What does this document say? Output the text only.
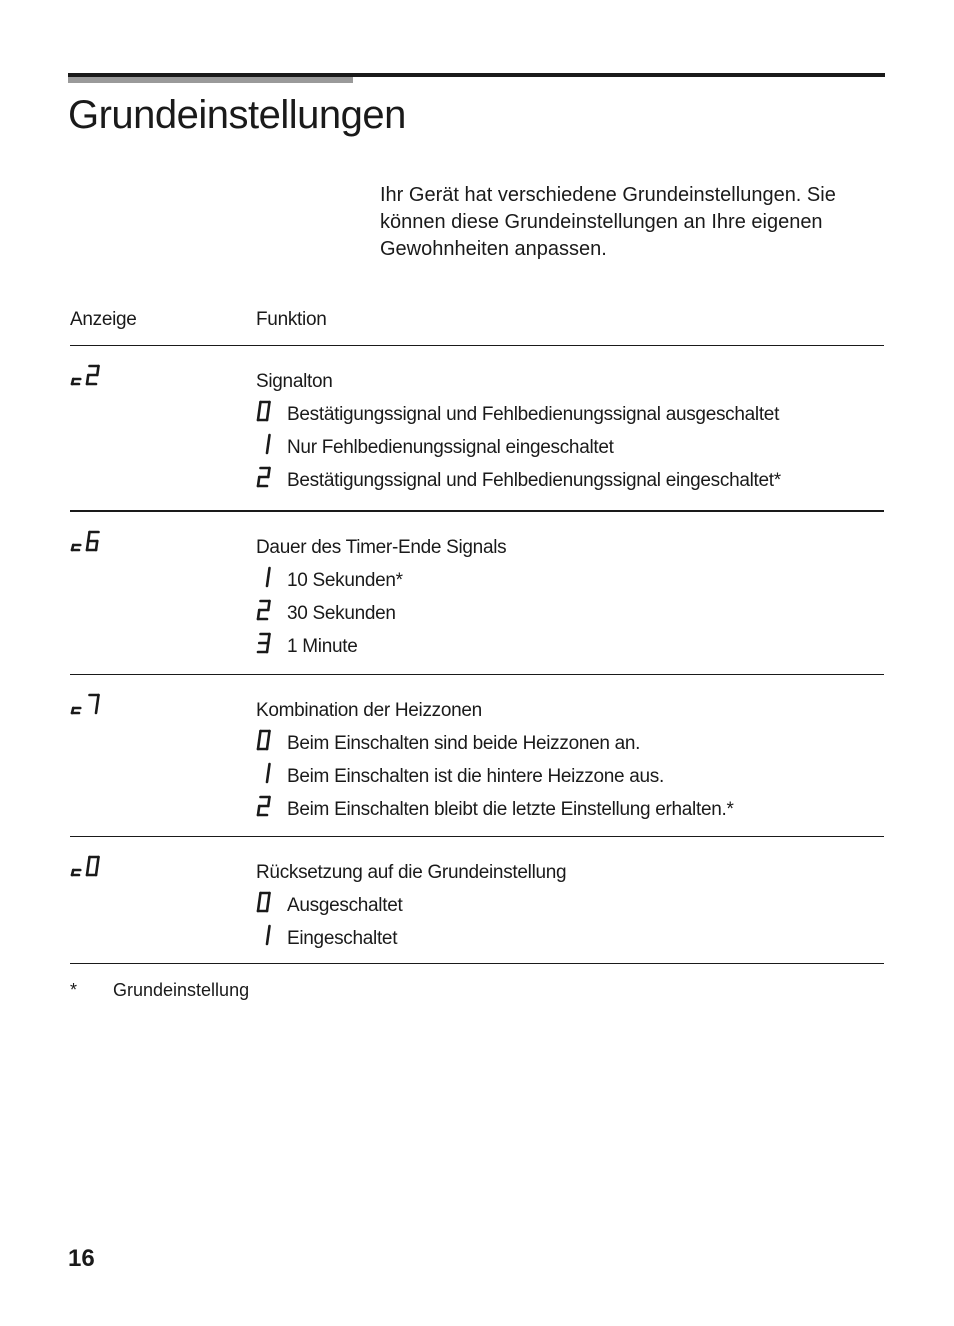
Grundeinstellungen
Ihr Gerät hat verschiedene Grundeinstellungen. Sie können diese Grundeinstellungen an Ihre eigenen Gewohnheiten anpassen.
Anzeige	Funktion
Signalton
Bestätigungssignal und Fehlbedienungssignal ausgeschaltet
Nur Fehlbedienungssignal eingeschaltet
Bestätigungssignal und Fehlbedienungssignal eingeschaltet*
Dauer des Timer-Ende Signals
10 Sekunden*
30 Sekunden
1 Minute
Kombination der Heizzonen
Beim Einschalten sind beide Heizzonen an.
Beim Einschalten ist die hintere Heizzone aus.
Beim Einschalten bleibt die letzte Einstellung erhalten.*
Rücksetzung auf die Grundeinstellung
Ausgeschaltet
Eingeschaltet
* Grundeinstellung
16
